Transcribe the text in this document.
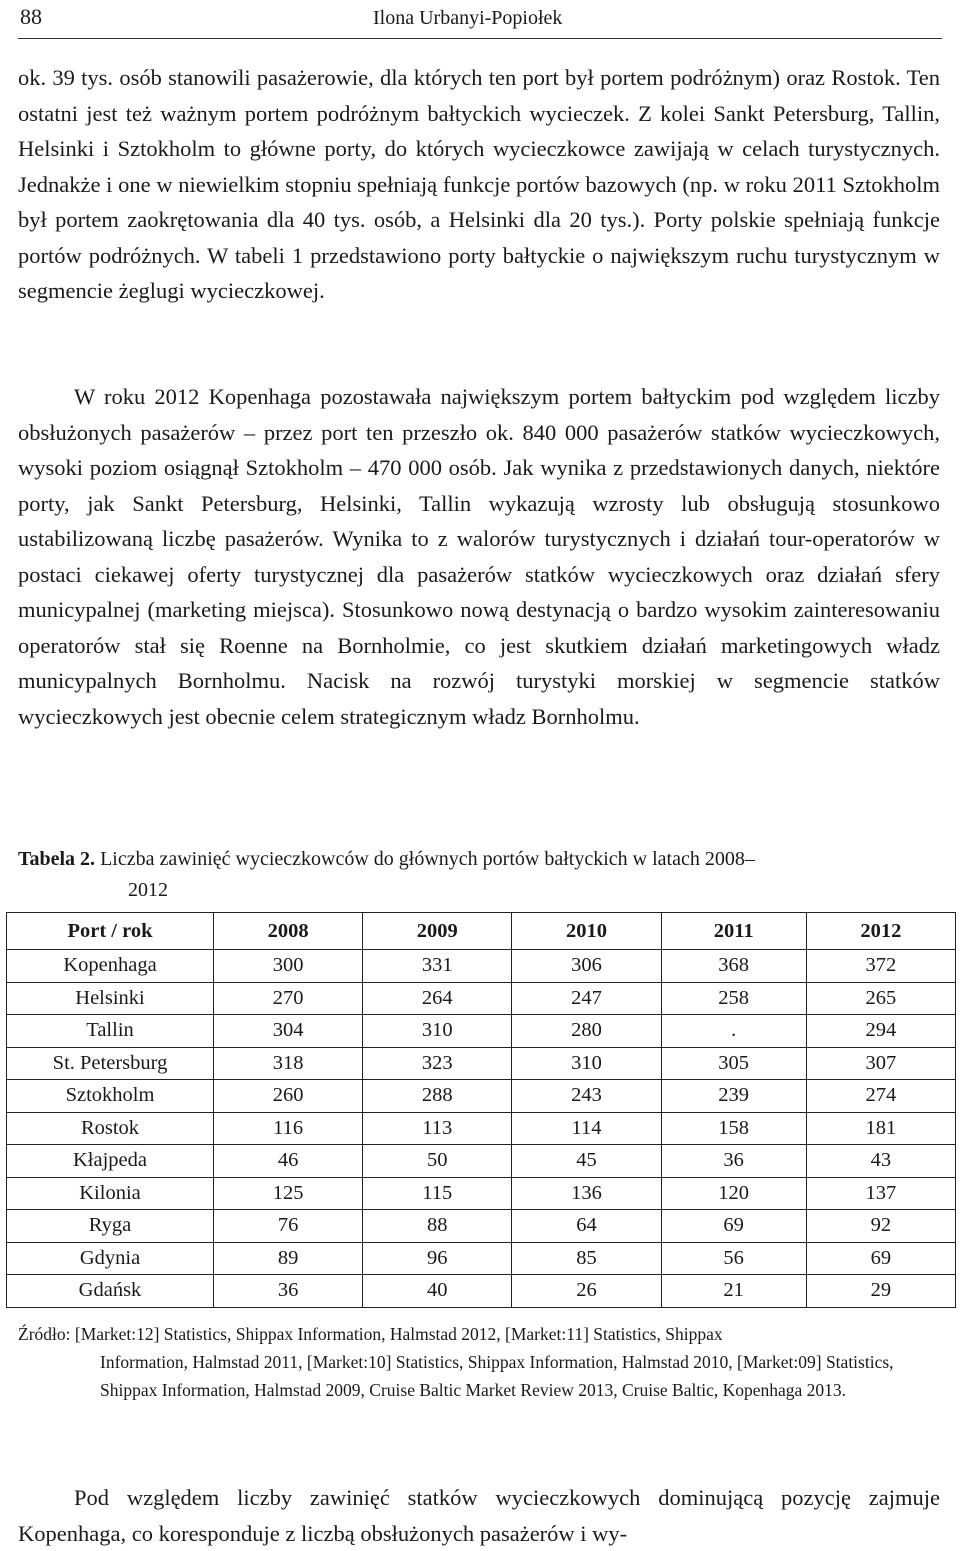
88	Ilona Urbanyi-Popiołek

ok. 39 tys. osób stanowili pasażerowie, dla których ten port był portem podróżnym) oraz Rostok. Ten ostatni jest też ważnym portem podróżnym bałtyckich wycieczek. Z kolei Sankt Petersburg, Tallin, Helsinki i Sztokholm to główne porty, do których wycieczkowce zawijają w celach turystycznych. Jednakże i one w niewielkim stopniu spełniają funkcje portów bazowych (np. w roku 2011 Sztokholm był portem zaokrętowania dla 40 tys. osób, a Helsinki dla 20 tys.). Porty polskie spełniają funkcje portów podróżnych. W tabeli 1 przedstawiono porty bałtyckie o największym ruchu turystycznym w segmencie żeglugi wycieczkowej.

W roku 2012 Kopenhaga pozostawała największym portem bałtyckim pod względem liczby obsłużonych pasażerów – przez port ten przeszło ok. 840 000 pasażerów statków wycieczkowych, wysoki poziom osiągnął Sztokholm – 470 000 osób. Jak wynika z przedstawionych danych, niektóre porty, jak Sankt Petersburg, Helsinki, Tallin wykazują wzrosty lub obsługują stosunkowo ustabilizowaną liczbę pasażerów. Wynika to z walorów turystycznych i działań tour-operatorów w postaci ciekawej oferty turystycznej dla pasażerów statków wycieczkowych oraz działań sfery municypalnej (marketing miejsca). Stosunkowo nową destynacją o bardzo wysokim zainteresowaniu operatorów stał się Roenne na Bornholmie, co jest skutkiem działań marketingowych władz municypalnych Bornholmu. Nacisk na rozwój turystyki morskiej w segmencie statków wycieczkowych jest obecnie celem strategicznym władz Bornholmu.

Tabela 2. Liczba zawinięć wycieczkowców do głównych portów bałtyckich w latach 2008–
2012
Port / rok	2008	2009	2010	2011	2012
Kopenhaga	300	331	306	368	372
Helsinki	270	264	247	258	265
Tallin	304	310	280	.	294
St. Petersburg	318	323	310	305	307
Sztokholm	260	288	243	239	274
Rostok	116	113	114	158	181
Kłajpeda	46	50	45	36	43
Kilonia	125	115	136	120	137
Ryga	76	88	64	69	92
Gdynia	89	96	85	56	69
Gdańsk	36	40	26	21	29
Źródło: [Market:12] Statistics, Shippax Information, Halmstad 2012, [Market:11] Statistics, Shippax
Information, Halmstad 2011, [Market:10] Statistics, Shippax Information, Halmstad 2010, [Market:09] Statistics, Shippax Information, Halmstad 2009, Cruise Baltic Market Review 2013, Cruise Baltic, Kopenhaga 2013.

Pod względem liczby zawinięć statków wycieczkowych dominującą pozycję zajmuje Kopenhaga, co koresponduje z liczbą obsłużonych pasażerów i wy-
